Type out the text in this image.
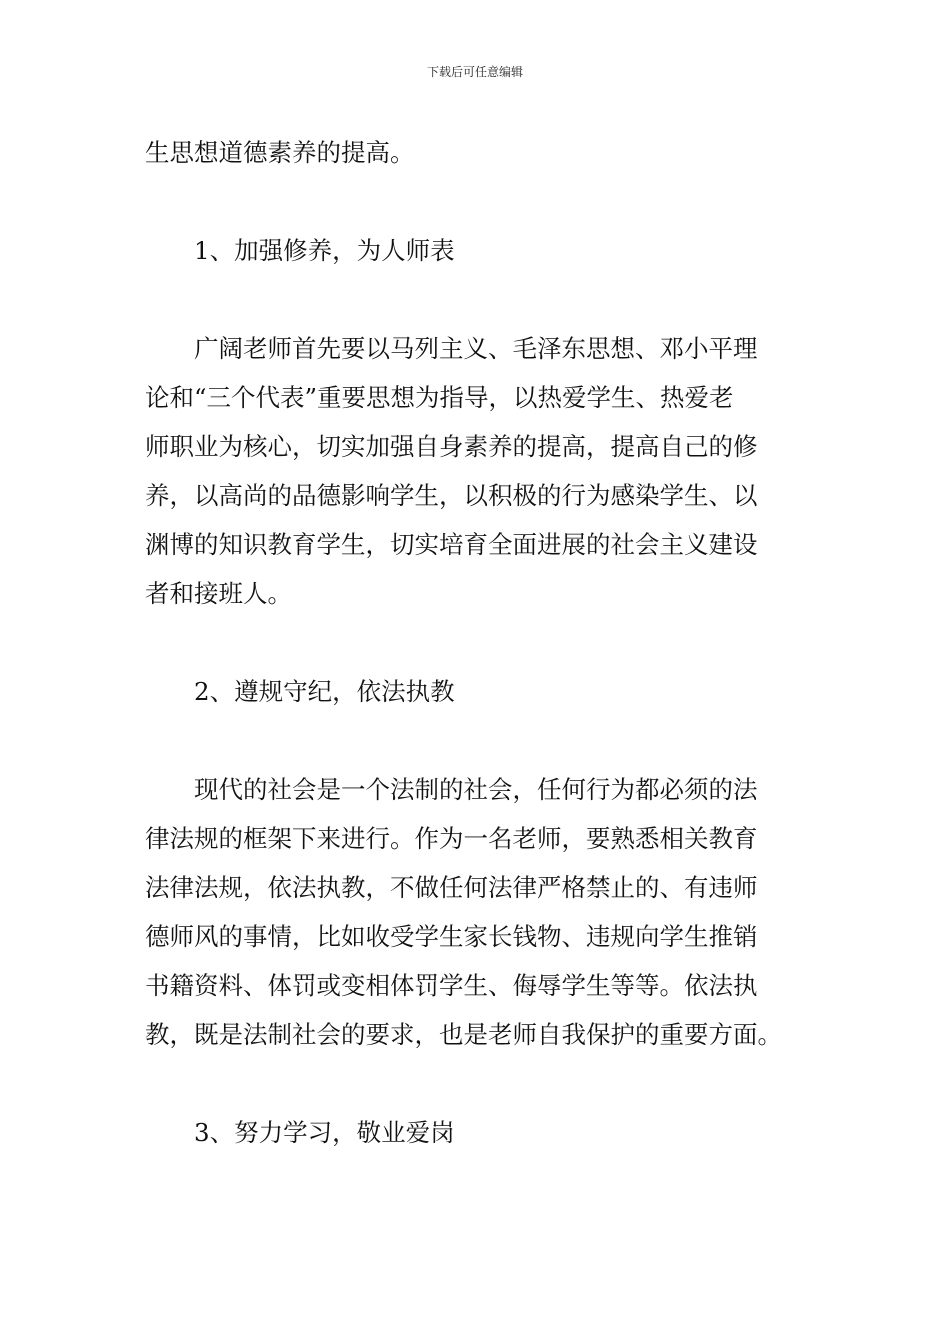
下载后可任意编辑

生思想道德素养的提高。

1、加强修养，为人师表

广阔老师首先要以马列主义、毛泽东思想、邓小平理

论和“三个代表”重要思想为指导，以热爱学生、热爱老

师职业为核心，切实加强自身素养的提高，提高自己的修

养，以高尚的品德影响学生，以积极的行为感染学生、以

渊博的知识教育学生，切实培育全面进展的社会主义建设

者和接班人。

2、遵规守纪，依法执教

现代的社会是一个法制的社会，任何行为都必须的法

律法规的框架下来进行。作为一名老师，要熟悉相关教育

法律法规，依法执教，不做任何法律严格禁止的、有违师

德师风的事情，比如收受学生家长钱物、违规向学生推销

书籍资料、体罚或变相体罚学生、侮辱学生等等。依法执

教，既是法制社会的要求，也是老师自我保护的重要方面。

3、努力学习，敬业爱岗
